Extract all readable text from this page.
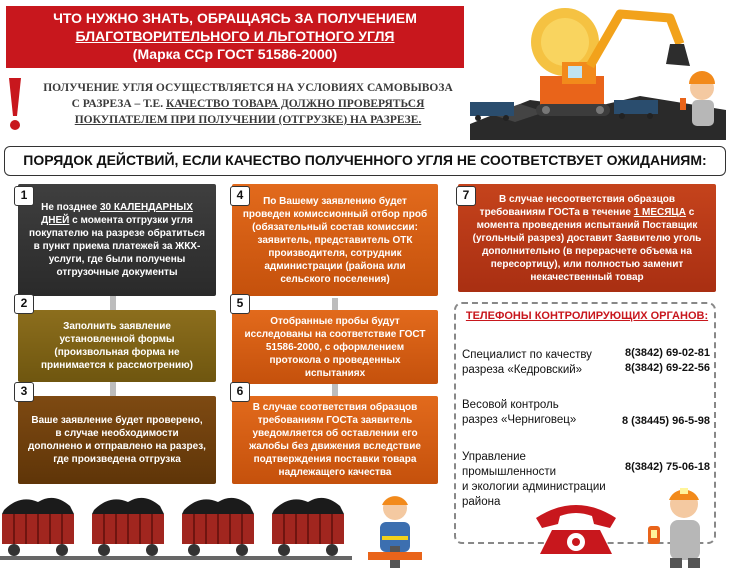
ЧТО НУЖНО ЗНАТЬ, ОБРАЩАЯСЬ ЗА ПОЛУЧЕНИЕМ
БЛАГОТВОРИТЕЛЬНОГО И ЛЬГОТНОГО УГЛЯ
(Марка ССр ГОСТ 51586-2000)
ПОЛУЧЕНИЕ УГЛЯ ОСУЩЕСТВЛЯЕТСЯ НА УСЛОВИЯХ САМОВЫВОЗА
С РАЗРЕЗА – Т.Е. КАЧЕСТВО ТОВАРА ДОЛЖНО ПРОВЕРЯТЬСЯ
ПОКУПАТЕЛЕМ ПРИ ПОЛУЧЕНИИ (ОТГРУЗКЕ) НА РАЗРЕЗЕ.
ПОРЯДОК ДЕЙСТВИЙ, ЕСЛИ КАЧЕСТВО ПОЛУЧЕННОГО УГЛЯ НЕ СООТВЕТСТВУЕТ ОЖИДАНИЯМ:
Не позднее 30 КАЛЕНДАРНЫХ ДНЕЙ с момента отгрузки угля покупателю на разрезе обратиться в пункт приема платежей за ЖКХ-услуги, где были получены отгрузочные документы
1
Заполнить заявление установленной формы (произвольная форма не принимается к рассмотрению)
2
Ваше заявление будет проверено, в случае необходимости дополнено и отправлено на разрез, где произведена отгрузка
3
По Вашему заявлению будет проведен комиссионный отбор проб (обязательный состав комиссии: заявитель, представитель ОТК производителя, сотрудник администрации (района или сельского поселения)
4
Отобранные пробы будут исследованы на соответствие ГОСТ 51586-2000, с оформлением протокола о проведенных испытаниях
5
В случае соответствия образцов требованиям ГОСТа заявитель уведомляется об оставлении его жалобы без движения вследствие подтверждения поставки товара надлежащего качества
6
В случае несоответствия образцов требованиям ГОСТа в течение 1 МЕСЯЦА с момента проведения испытаний Поставщик (угольный разрез) доставит Заявителю уголь дополнительно (в перерасчете объема на пересортицу), или полностью заменит некачественный товар
7
ТЕЛЕФОНЫ КОНТРОЛИРУЮЩИХ ОРГАНОВ:
Специалист по качеству
разреза «Кедровский»
8(3842) 69-02-81
8(3842) 69-22-56
Весовой контроль
разрез «Черниговец»	8 (38445) 96-5-98
Управление
промышленности
и экологии администрации
района
8(3842) 75-06-18
